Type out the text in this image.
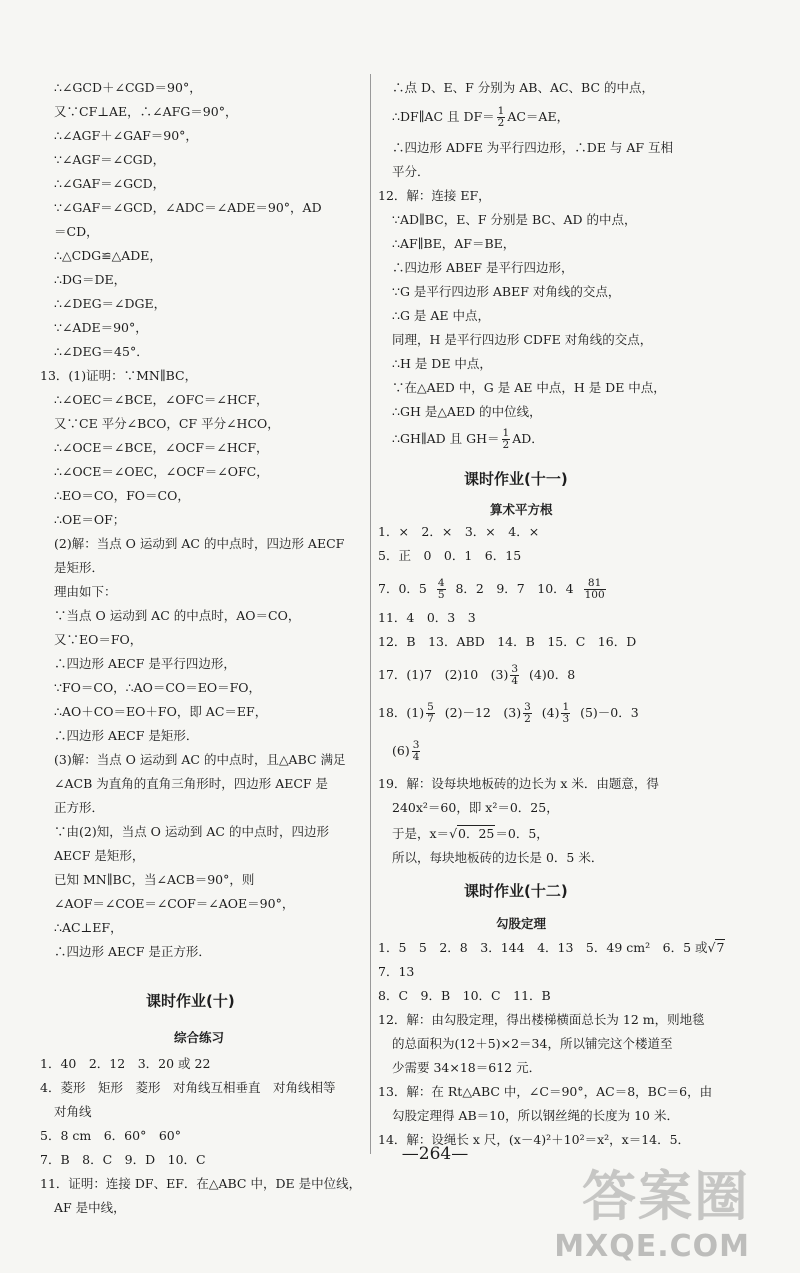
∴∠GCD＋∠CGD＝90°，
又∵CF⊥AE，∴∠AFG＝90°，
∴∠AGF＋∠GAF＝90°，
∵∠AGF＝∠CGD，
∴∠GAF＝∠GCD，
∵∠GAF＝∠GCD，∠ADC＝∠ADE＝90°，AD
＝CD，
∴△CDG≌△ADE，
∴DG＝DE，
∴∠DEG＝∠DGE，
∵∠ADE＝90°，
∴∠DEG＝45°．
13．(1)证明：∵MN∥BC，
∴∠OEC＝∠BCE，∠OFC＝∠HCF，
又∵CE 平分∠BCO，CF 平分∠HCO，
∴∠OCE＝∠BCE，∠OCF＝∠HCF，
∴∠OCE＝∠OEC，∠OCF＝∠OFC，
∴EO＝CO，FO＝CO，
∴OE＝OF；
(2)解：当点 O 运动到 AC 的中点时，四边形 AECF
是矩形．
理由如下：
∵当点 O 运动到 AC 的中点时，AO＝CO，
又∵EO＝FO，
∴四边形 AECF 是平行四边形，
∵FO＝CO，∴AO＝CO＝EO＝FO，
∴AO＋CO＝EO＋FO，即 AC＝EF，
∴四边形 AECF 是矩形．
(3)解：当点 O 运动到 AC 的中点时，且△ABC 满足
∠ACB 为直角的直角三角形时，四边形 AECF 是
正方形．
∵由(2)知，当点 O 运动到 AC 的中点时，四边形
AECF 是矩形，
已知 MN∥BC，当∠ACB＝90°，则
∠AOF＝∠COE＝∠COF＝∠AOE＝90°，
∴AC⊥EF，
∴四边形 AECF 是正方形．
课时作业(十)
综合练习
1．40　2．12　3．20 或 22
4．菱形　矩形　菱形　对角线互相垂直　对角线相等
对角线
5．8 cm　6．60°　60°
7．B　8．C　9．D　10．C
11．证明：连接 DF、EF．在△ABC 中，DE 是中位线，
AF 是中线，
∴点 D、E、F 分别为 AB、AC、BC 的中点，
∴DF∥AC 且 $DF= \frac{1}{2} AC=AE$，
∴四边形 ADFE 为平行四边形，∴DE 与 AF 互相
平分．
12．解：连接 EF，
∵AD∥BC，E、F 分别是 BC、AD 的中点，
∴AF∥BE，AF＝BE，
∴四边形 ABEF 是平行四边形，
∵G 是平行四边形 ABEF 对角线的交点，
∴G 是 AE 中点，
同理，H 是平行四边形 CDFE 对角线的交点，
∴H 是 DE 中点，
∵在△AED 中，G 是 AE 中点，H 是 DE 中点，
∴GH 是△AED 的中位线，
∴GH∥AD 且 $GH= \frac{1}{2}$ AD．
课时作业(十一)
算术平方根
1．×　2．×　3．×　4．×
5．正　0　0．1　6．15
7．0．$5 \frac{4}{5} 8$．2　9．7　10．$4 \frac{81}{100}$
11．4　0．3　3
12．B　13．ABD　14．B　15．C　16．D
17．(1)7　(2)10　$(3) \frac{3}{4} (4)0$．8
18．$(1) \frac{5}{7} (2)-12$　$(3) \frac{3}{2} (4) \frac{1}{3} (5)-0$．3
$(6) \frac{3}{4}$
19．解：设每块地板砖的边长为 x 米．由题意，得
240x²＝60，即 x²＝0．25，
于是，x＝√0．25＝0．5，
所以，每块地板砖的边长是 0．5 米．
课时作业(十二)
勾股定理
1．5　5　2．8　3．144　4．13　5．49 cm²　6．5 或√7
7．13
8．C　9．B　10．C　11．B
12．解：由勾股定理，得出楼梯横面总长为 12 m，则地毯
的总面积为(12＋5)×2＝34，所以铺完这个楼道至
少需要 34×18＝612 元．
13．解：在 Rt△ABC 中，∠C＝90°，AC＝8，BC＝6，由
勾股定理得 AB＝10，所以钢丝绳的长度为 10 米．
14．解：设绳长 x 尺，(x－4)²＋10²＝x²，x＝14．5．
—264—
答案圈
MXQE.COM
